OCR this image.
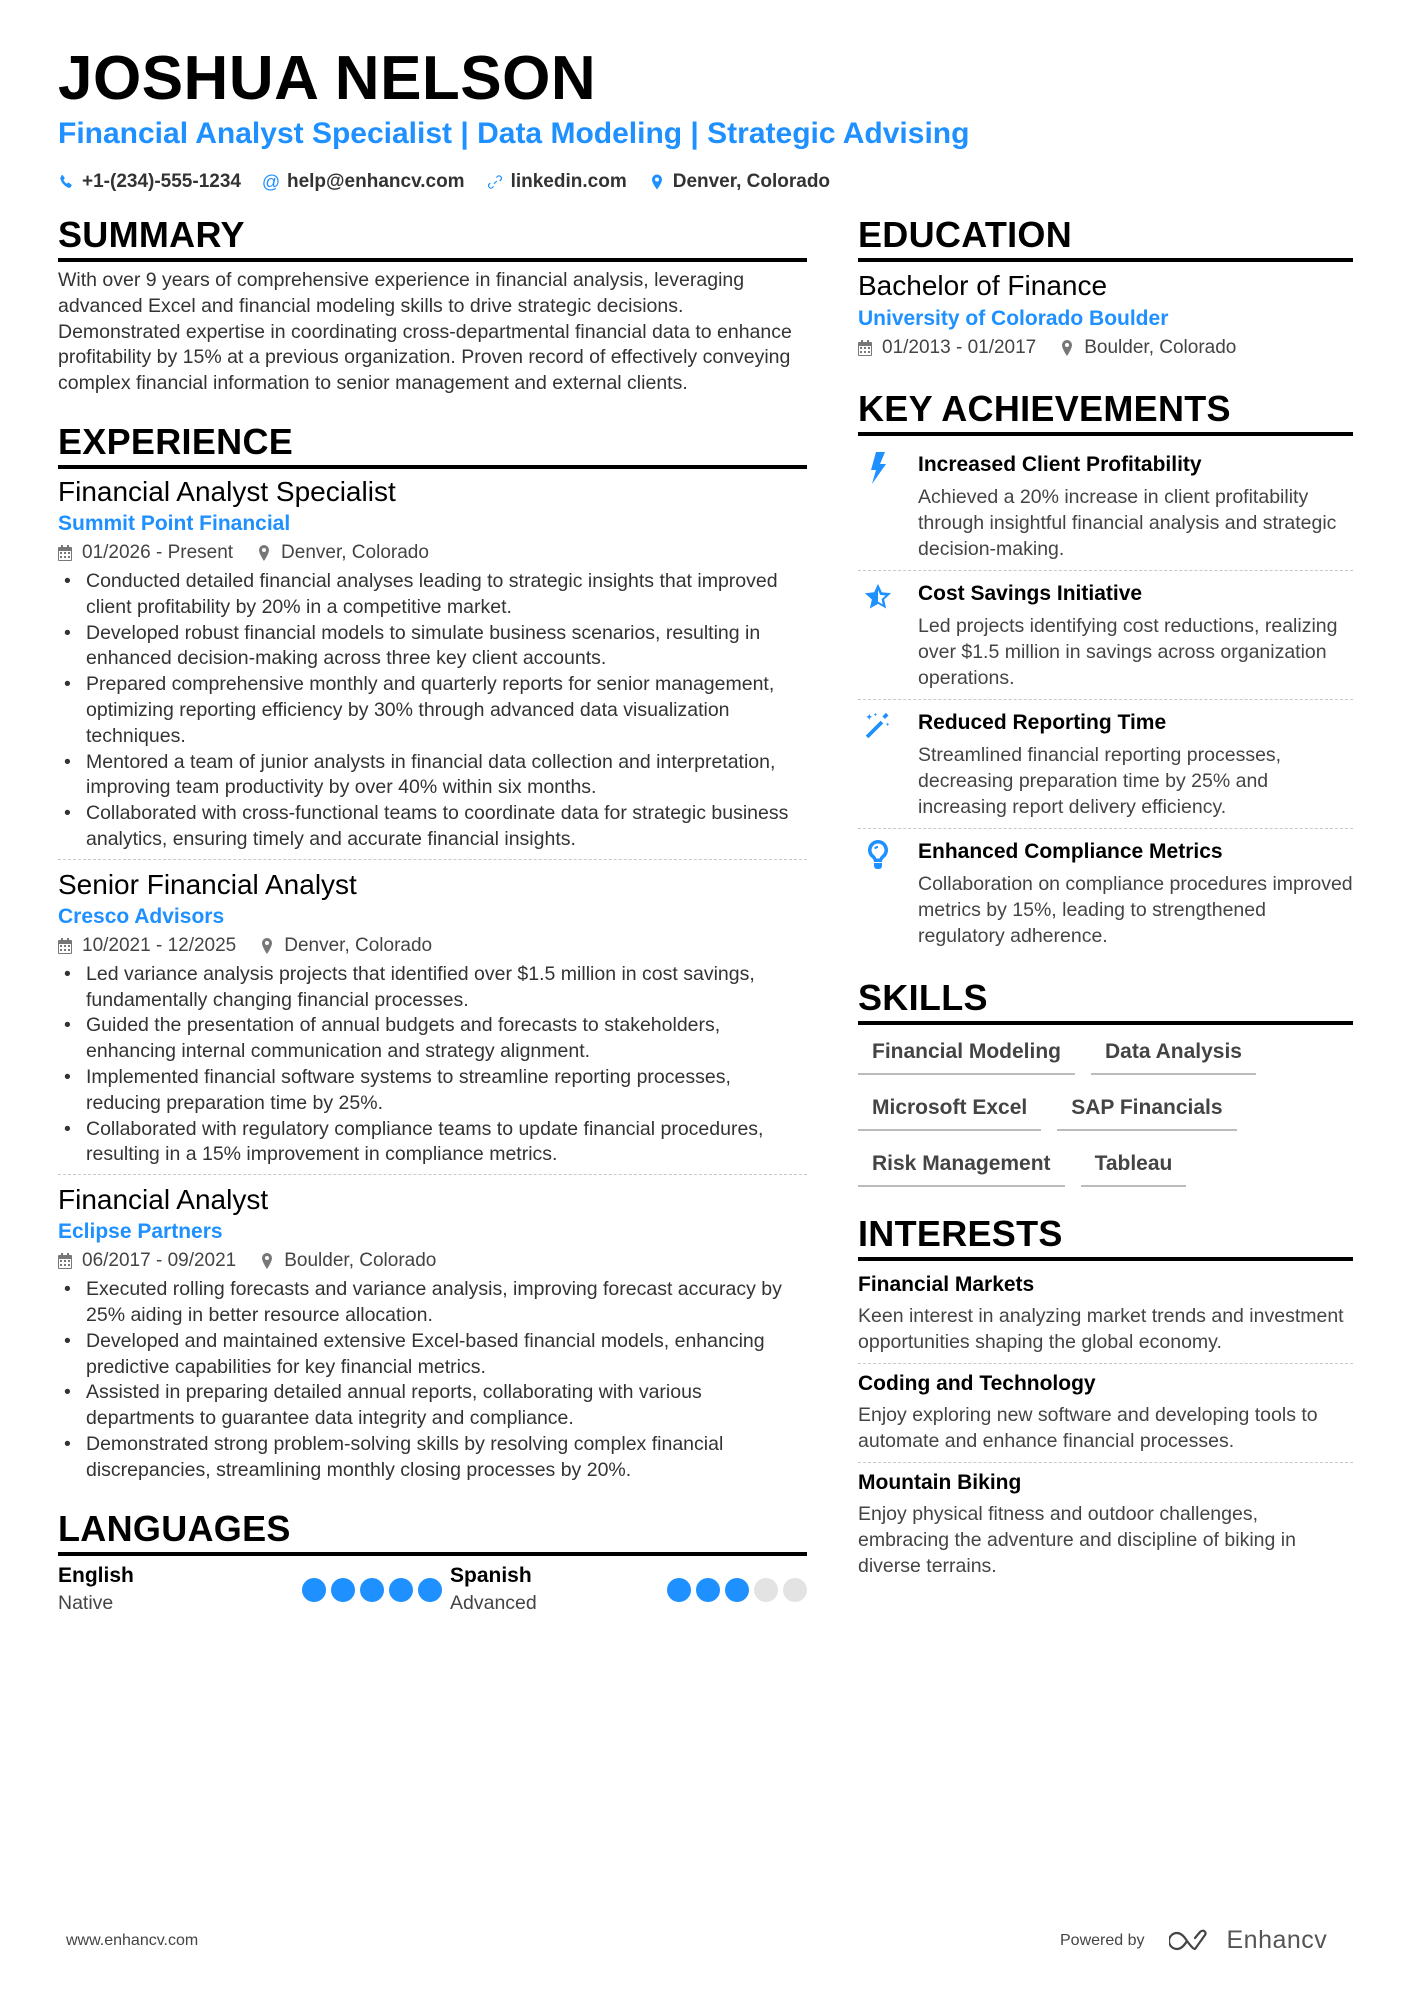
JOSHUA NELSON
Financial Analyst Specialist | Data Modeling | Strategic Advising
+1-(234)-555-1234 @ help@enhancv.com linkedin.com Denver, Colorado
SUMMARY

With over 9 years of comprehensive experience in financial analysis, leveraging advanced Excel and financial modeling skills to drive strategic decisions. Demonstrated expertise in coordinating cross-departmental financial data to enhance profitability by 15% at a previous organization. Proven record of effectively conveying complex financial information to senior management and external clients.

EXPERIENCE
Financial Analyst Specialist
Summit Point Financial
01/2026 - Present	Denver, Colorado
• Conducted detailed financial analyses leading to strategic insights that improved client profitability by 20% in a competitive market.
• Developed robust financial models to simulate business scenarios, resulting in enhanced decision-making across three key client accounts.
• Prepared comprehensive monthly and quarterly reports for senior management, optimizing reporting efficiency by 30% through advanced data visualization techniques.
• Mentored a team of junior analysts in financial data collection and interpretation, improving team productivity by over 40% within six months.
• Collaborated with cross-functional teams to coordinate data for strategic business analytics, ensuring timely and accurate financial insights.
Senior Financial Analyst
Cresco Advisors
10/2021 - 12/2025	Denver, Colorado
• Led variance analysis projects that identified over $1.5 million in cost savings, fundamentally changing financial processes.
• Guided the presentation of annual budgets and forecasts to stakeholders, enhancing internal communication and strategy alignment.
• Implemented financial software systems to streamline reporting processes, reducing preparation time by 25%.
• Collaborated with regulatory compliance teams to update financial procedures, resulting in a 15% improvement in compliance metrics.
Financial Analyst
Eclipse Partners
06/2017 - 09/2021	Boulder, Colorado
• Executed rolling forecasts and variance analysis, improving forecast accuracy by 25% aiding in better resource allocation.
• Developed and maintained extensive Excel-based financial models, enhancing predictive capabilities for key financial metrics.
• Assisted in preparing detailed annual reports, collaborating with various departments to guarantee data integrity and compliance.
• Demonstrated strong problem-solving skills by resolving complex financial discrepancies, streamlining monthly closing processes by 20%.
LANGUAGES
English
Native
Spanish
Advanced
EDUCATION
Bachelor of Finance
University of Colorado Boulder
01/2013 - 01/2017	Boulder, Colorado
KEY ACHIEVEMENTS
Increased Client Profitability
Achieved a 20% increase in client profitability through insightful financial analysis and strategic decision-making.
Cost Savings Initiative
Led projects identifying cost reductions, realizing over $1.5 million in savings across organization operations.
Reduced Reporting Time
Streamlined financial reporting processes, decreasing preparation time by 25% and increasing report delivery efficiency.
Enhanced Compliance Metrics
Collaboration on compliance procedures improved metrics by 15%, leading to strengthened regulatory adherence.
SKILLS
Financial Modeling	Data Analysis
Microsoft Excel	SAP Financials
Risk Management	Tableau
INTERESTS
Financial Markets
Keen interest in analyzing market trends and investment opportunities shaping the global economy.
Coding and Technology
Enjoy exploring new software and developing tools to automate and enhance financial processes.
Mountain Biking
Enjoy physical fitness and outdoor challenges, embracing the adventure and discipline of biking in diverse terrains.
www.enhancv.com	Powered by	Enhancv
